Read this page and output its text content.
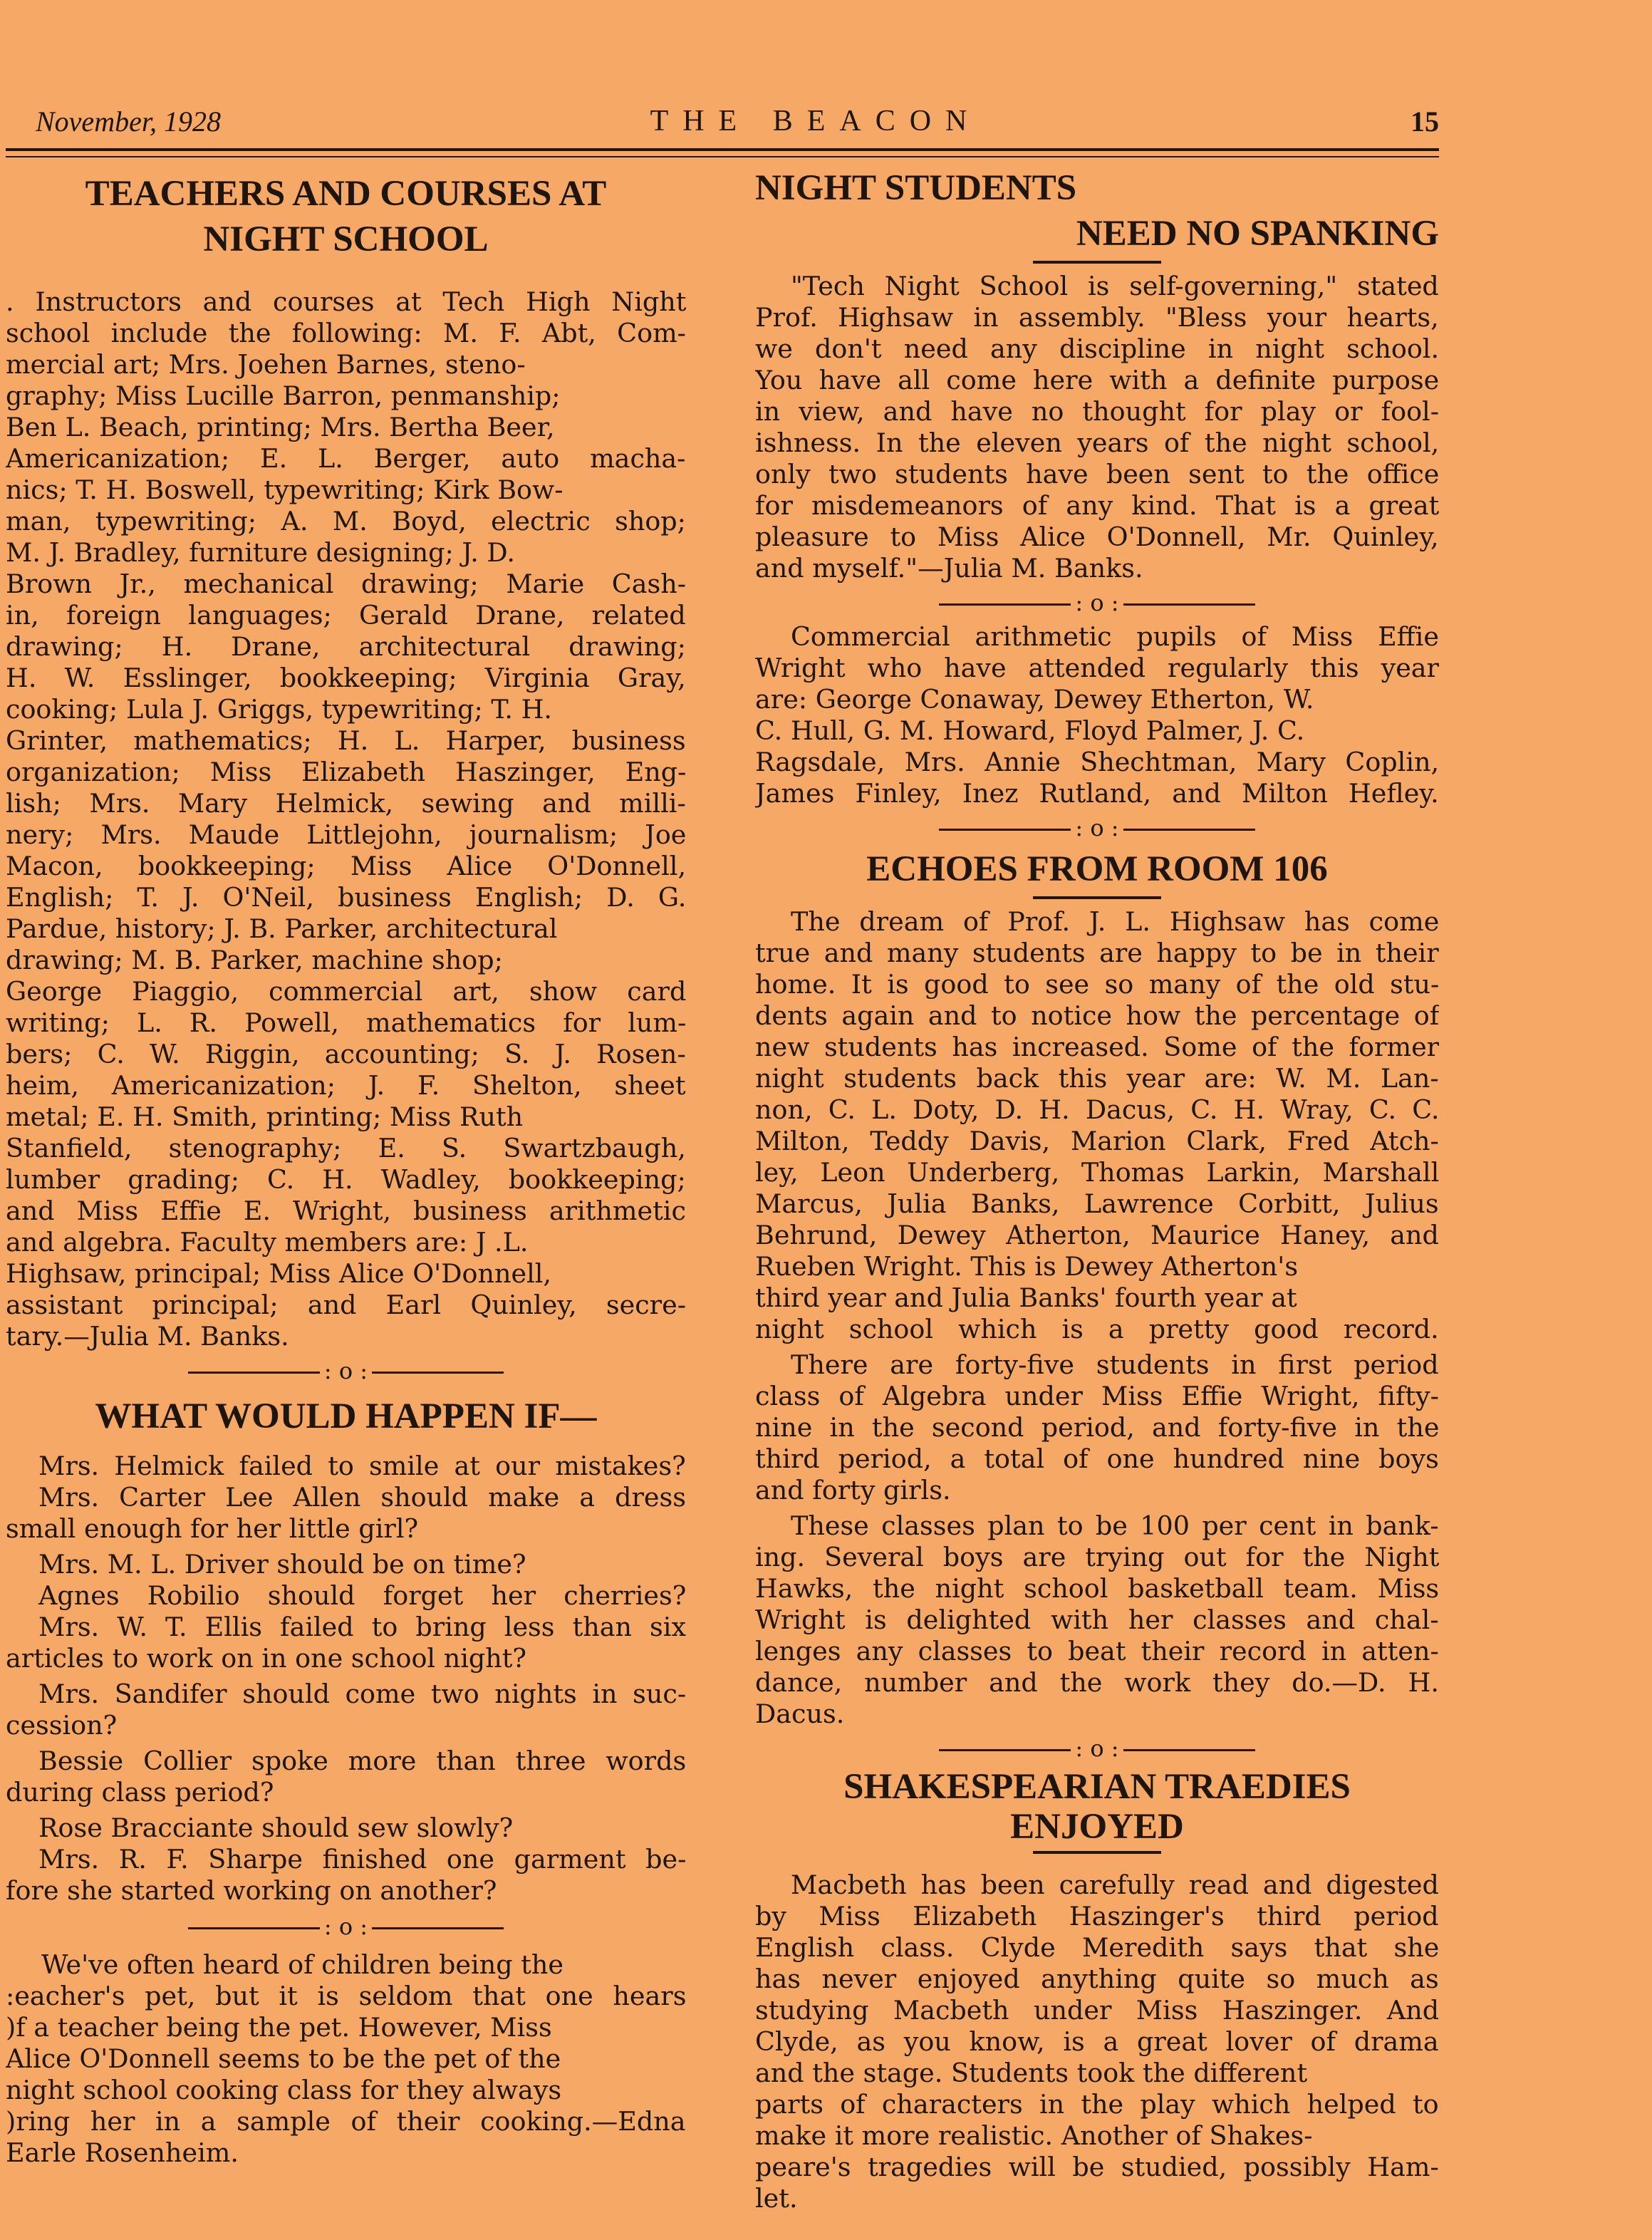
November, 1928	THE BEACON	15
TEACHERS AND COURSES AT
NIGHT SCHOOL
. Instructors and courses at Tech High Night
school include the following: M. F. Abt, Com-
mercial art; Mrs. Joehen Barnes, steno-
graphy; Miss Lucille Barron, penmanship;
Ben L. Beach, printing; Mrs. Bertha Beer,
Americanization; E. L. Berger, auto macha-
nics; T. H. Boswell, typewriting; Kirk Bow-
man, typewriting; A. M. Boyd, electric shop;
M. J. Bradley, furniture designing; J. D.
Brown Jr., mechanical drawing; Marie Cash-
in, foreign languages; Gerald Drane, related
drawing; H. Drane, architectural drawing;
H. W. Esslinger, bookkeeping; Virginia Gray,
cooking; Lula J. Griggs, typewriting; T. H.
Grinter, mathematics; H. L. Harper, business
organization; Miss Elizabeth Haszinger, Eng-
lish; Mrs. Mary Helmick, sewing and milli-
nery; Mrs. Maude Littlejohn, journalism; Joe
Macon, bookkeeping; Miss Alice O'Donnell,
English; T. J. O'Neil, business English; D. G.
Pardue, history; J. B. Parker, architectural
drawing; M. B. Parker, machine shop;
George Piaggio, commercial art, show card
writing; L. R. Powell, mathematics for lum-
bers; C. W. Riggin, accounting; S. J. Rosen-
heim, Americanization; J. F. Shelton, sheet
metal; E. H. Smith, printing; Miss Ruth
Stanfield, stenography; E. S. Swartzbaugh,
lumber grading; C. H. Wadley, bookkeeping;
and Miss Effie E. Wright, business arithmetic
and algebra. Faculty members are: J .L.
Highsaw, principal; Miss Alice O'Donnell,
assistant principal; and Earl Quinley, secre-
tary.—Julia M. Banks.
: o :
WHAT WOULD HAPPEN IF—
Mrs. Helmick failed to smile at our mistakes?
Mrs. Carter Lee Allen should make a dress
small enough for her little girl?
Mrs. M. L. Driver should be on time?
Agnes Robilio should forget her cherries?
Mrs. W. T. Ellis failed to bring less than six
articles to work on in one school night?
Mrs. Sandifer should come two nights in suc-
cession?
Bessie Collier spoke more than three words
during class period?
Rose Bracciante should sew slowly?
Mrs. R. F. Sharpe finished one garment be-
fore she started working on another?
: o :
We've often heard of children being the
:eacher's pet, but it is seldom that one hears
)f a teacher being the pet. However, Miss
Alice O'Donnell seems to be the pet of the
night school cooking class for they always
)ring her in a sample of their cooking.—Edna
Earle Rosenheim.
NIGHT STUDENTS
NEED NO SPANKING
"Tech Night School is self-governing," stated
Prof. Highsaw in assembly. "Bless your hearts,
we don't need any discipline in night school.
You have all come here with a definite purpose
in view, and have no thought for play or fool-
ishness. In the eleven years of the night school,
only two students have been sent to the office
for misdemeanors of any kind. That is a great
pleasure to Miss Alice O'Donnell, Mr. Quinley,
and myself."—Julia M. Banks.
: o :
Commercial arithmetic pupils of Miss Effie
Wright who have attended regularly this year
are: George Conaway, Dewey Etherton, W.
C. Hull, G. M. Howard, Floyd Palmer, J. C.
Ragsdale, Mrs. Annie Shechtman, Mary Coplin,
James Finley, Inez Rutland, and Milton Hefley.
: o :
ECHOES FROM ROOM 106
The dream of Prof. J. L. Highsaw has come
true and many students are happy to be in their
home. It is good to see so many of the old stu-
dents again and to notice how the percentage of
new students has increased. Some of the former
night students back this year are: W. M. Lan-
non, C. L. Doty, D. H. Dacus, C. H. Wray, C. C.
Milton, Teddy Davis, Marion Clark, Fred Atch-
ley, Leon Underberg, Thomas Larkin, Marshall
Marcus, Julia Banks, Lawrence Corbitt, Julius
Behrund, Dewey Atherton, Maurice Haney, and
Rueben Wright. This is Dewey Atherton's
third year and Julia Banks' fourth year at
night school which is a pretty good record.
There are forty-five students in first period
class of Algebra under Miss Effie Wright, fifty-
nine in the second period, and forty-five in the
third period, a total of one hundred nine boys
and forty girls.
These classes plan to be 100 per cent in bank-
ing. Several boys are trying out for the Night
Hawks, the night school basketball team. Miss
Wright is delighted with her classes and chal-
lenges any classes to beat their record in atten-
dance, number and the work they do.—D. H.
Dacus.
: o :
SHAKESPEARIAN TRAEDIES
ENJOYED
Macbeth has been carefully read and digested
by Miss Elizabeth Haszinger's third period
English class. Clyde Meredith says that she
has never enjoyed anything quite so much as
studying Macbeth under Miss Haszinger. And
Clyde, as you know, is a great lover of drama
and the stage. Students took the different
parts of characters in the play which helped to
make it more realistic. Another of Shakes-
peare's tragedies will be studied, possibly Ham-
let.
